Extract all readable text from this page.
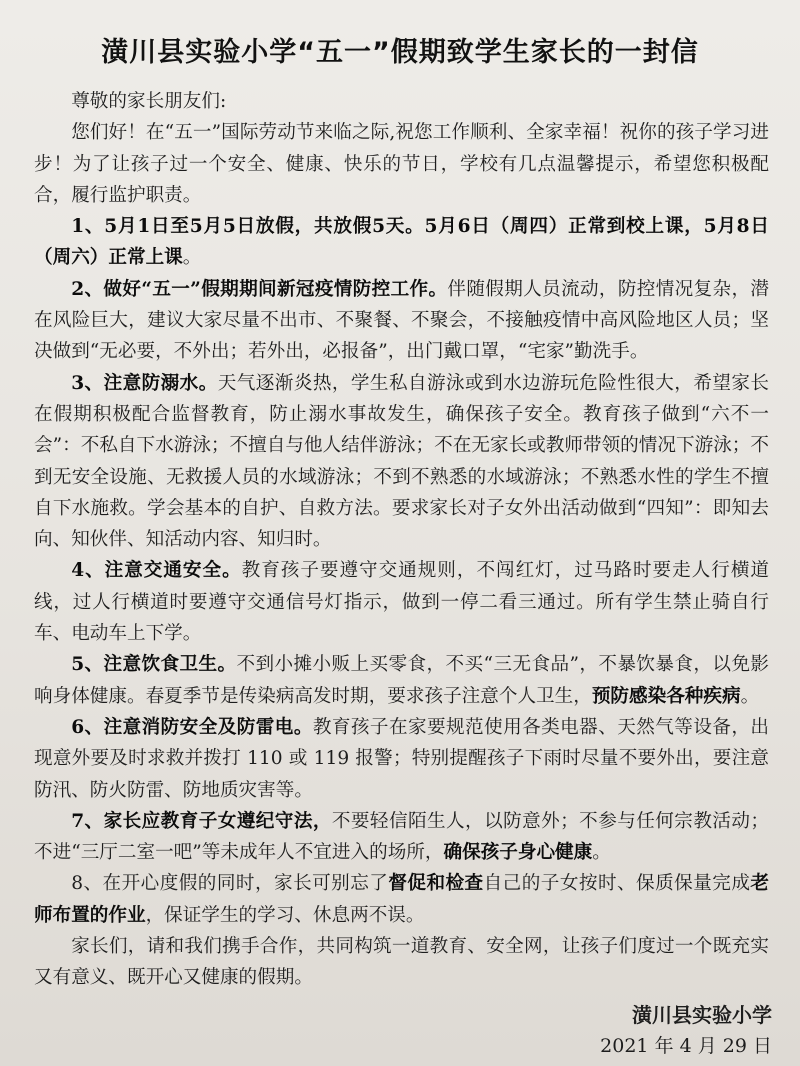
潢川县实验小学“五一”假期致学生家长的一封信

尊敬的家长朋友们:

您们好！在“五一”国际劳动节来临之际,祝您工作顺利、全家幸福！祝你的孩子学习进步！为了让孩子过一个安全、健康、快乐的节日，学校有几点温馨提示，希望您积极配合，履行监护职责。

1、5月1日至5月5日放假，共放假5天。5月6日（周四）正常到校上课，5月8日（周六）正常上课。

2、做好“五一”假期期间新冠疫情防控工作。伴随假期人员流动，防控情况复杂，潜在风险巨大，建议大家尽量不出市、不聚餐、不聚会，不接触疫情中高风险地区人员；坚决做到“无必要，不外出；若外出，必报备”，出门戴口罩，“宅家”勤洗手。

3、注意防溺水。天气逐渐炎热，学生私自游泳或到水边游玩危险性很大，希望家长在假期积极配合监督教育，防止溺水事故发生，确保孩子安全。教育孩子做到“六不一会”：不私自下水游泳；不擅自与他人结伴游泳；不在无家长或教师带领的情况下游泳；不到无安全设施、无救援人员的水域游泳；不到不熟悉的水域游泳；不熟悉水性的学生不擅自下水施救。学会基本的自护、自救方法。要求家长对子女外出活动做到“四知”：即知去向、知伙伴、知活动内容、知归时。

4、注意交通安全。教育孩子要遵守交通规则，不闯红灯，过马路时要走人行横道线，过人行横道时要遵守交通信号灯指示，做到一停二看三通过。所有学生禁止骑自行车、电动车上下学。

5、注意饮食卫生。不到小摊小贩上买零食，不买“三无食品”，不暴饮暴食，以免影响身体健康。春夏季节是传染病高发时期，要求孩子注意个人卫生，预防感染各种疾病。

6、注意消防安全及防雷电。教育孩子在家要规范使用各类电器、天然气等设备，出现意外要及时求救并拨打 110 或 119 报警；特别提醒孩子下雨时尽量不要外出，要注意防汛、防火防雷、防地质灾害等。

7、家长应教育子女遵纪守法，不要轻信陌生人，以防意外；不参与任何宗教活动；不进“三厅二室一吧”等未成年人不宜进入的场所，确保孩子身心健康。

8、在开心度假的同时，家长可别忘了督促和检查自己的子女按时、保质保量完成老师布置的作业，保证学生的学习、休息两不误。

家长们，请和我们携手合作，共同构筑一道教育、安全网，让孩子们度过一个既充实又有意义、既开心又健康的假期。

潢川县实验小学
2021 年 4 月 29 日
